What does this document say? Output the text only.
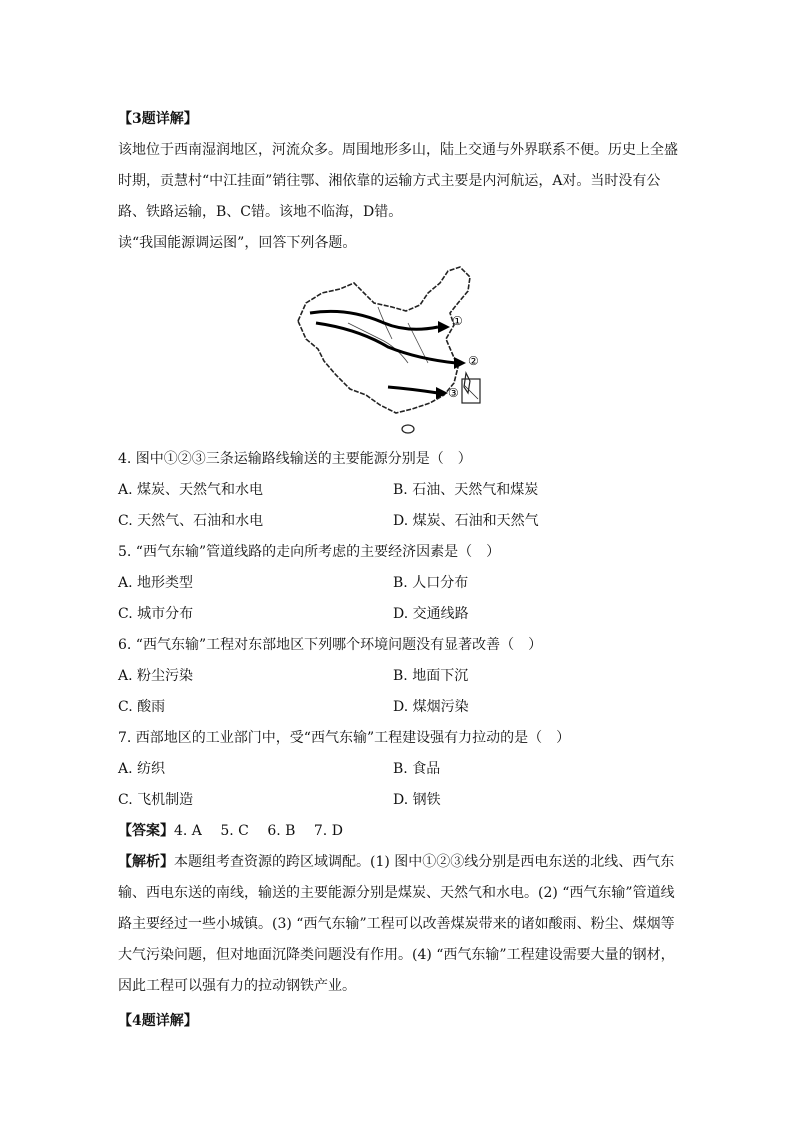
【3题详解】
该地位于西南湿润地区，河流众多。周围地形多山，陆上交通与外界联系不便。历史上全盛时期，贡慧村“中江挂面”销往鄂、湘依靠的运输方式主要是内河航运，A对。当时没有公路、铁路运输，B、C错。该地不临海，D错。
读“我国能源调运图”，回答下列各题。
①
②
③
4. 图中①②③三条运输路线输送的主要能源分别是（　）
A. 煤炭、天然气和水电	B. 石油、天然气和煤炭
C. 天然气、石油和水电	D. 煤炭、石油和天然气
5. “西气东输”管道线路的走向所考虑的主要经济因素是（　）
A. 地形类型	B. 人口分布
C. 城市分布	D. 交通线路
6. “西气东输”工程对东部地区下列哪个环境问题没有显著改善（　）
A. 粉尘污染	B. 地面下沉
C. 酸雨	D. 煤烟污染
7. 西部地区的工业部门中，受“西气东输”工程建设强有力拉动的是（　）
A. 纺织	B. 食品
C. 飞机制造	D. 钢铁
【答案】4. A　 5. C　 6. B　 7. D
【解析】本题组考查资源的跨区域调配。(1) 图中①②③线分别是西电东送的北线、西气东输、西电东送的南线，输送的主要能源分别是煤炭、天然气和水电。(2) “西气东输”管道线路主要经过一些小城镇。(3) “西气东输”工程可以改善煤炭带来的诸如酸雨、粉尘、煤烟等大气污染问题，但对地面沉降类问题没有作用。(4) “西气东输”工程建设需要大量的钢材，因此工程可以强有力的拉动钢铁产业。
【4题详解】
